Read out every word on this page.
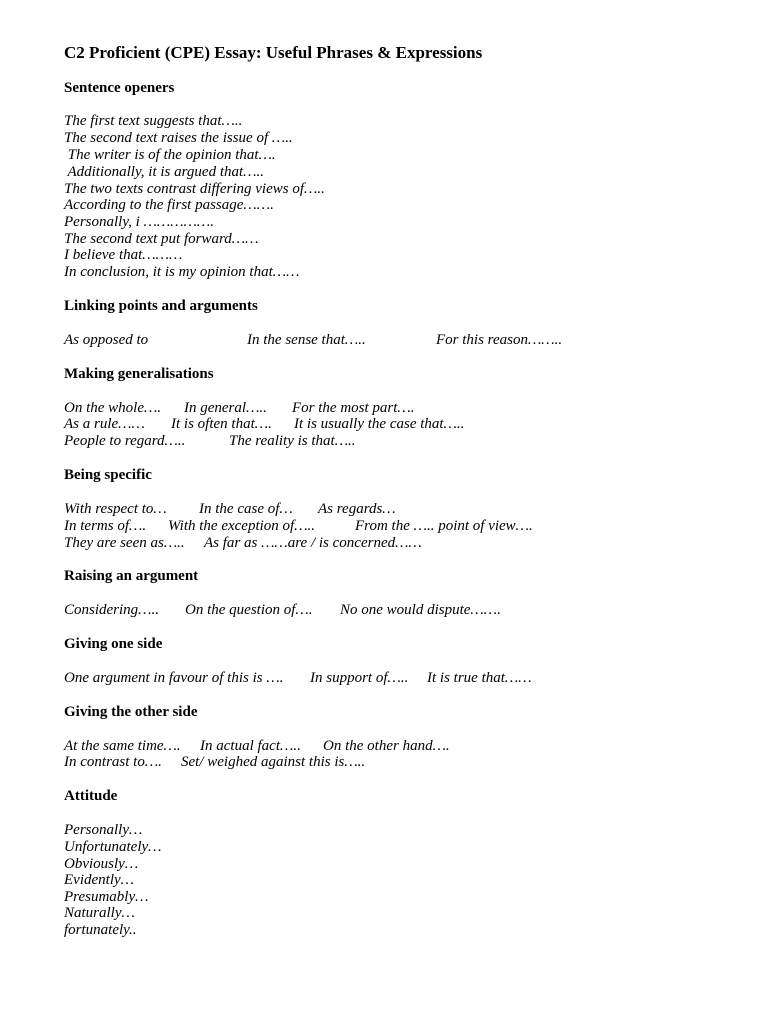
C2 Proficient (CPE) Essay: Useful Phrases & Expressions
Sentence openers
The first text suggests that…..
The second text raises the issue of …..
The writer is of the opinion that….
Additionally, it is argued that…..
The two texts contrast differing views of…..
According to the first passage…….
Personally, i …………….
The second text put forward……
I believe that………
In conclusion, it is my opinion that……
Linking points and arguments
As opposed to	In the sense that…..	For this reason……..
Making generalisations
On the whole…. In general….. For the most part….
As a rule…… It is often that…. It is usually the case that…..
People to regard…..	The reality is that…..
Being specific
With respect to… In the case of… As regards…
In terms of…. With the exception of…..	From the ….. point of view….
They are seen as….. As far as ……are / is concerned……
Raising an argument
Considering….. On the question of…. No one would dispute…….
Giving one side
One argument in favour of this is …. In support of….. It is true that……
Giving the other side
At the same time…. In actual fact….. On the other hand….
In contrast to…. Set/ weighed against this is…..
Attitude
Personally…
Unfortunately…
Obviously…
Evidently…
Presumably…
Naturally…
fortunately..
